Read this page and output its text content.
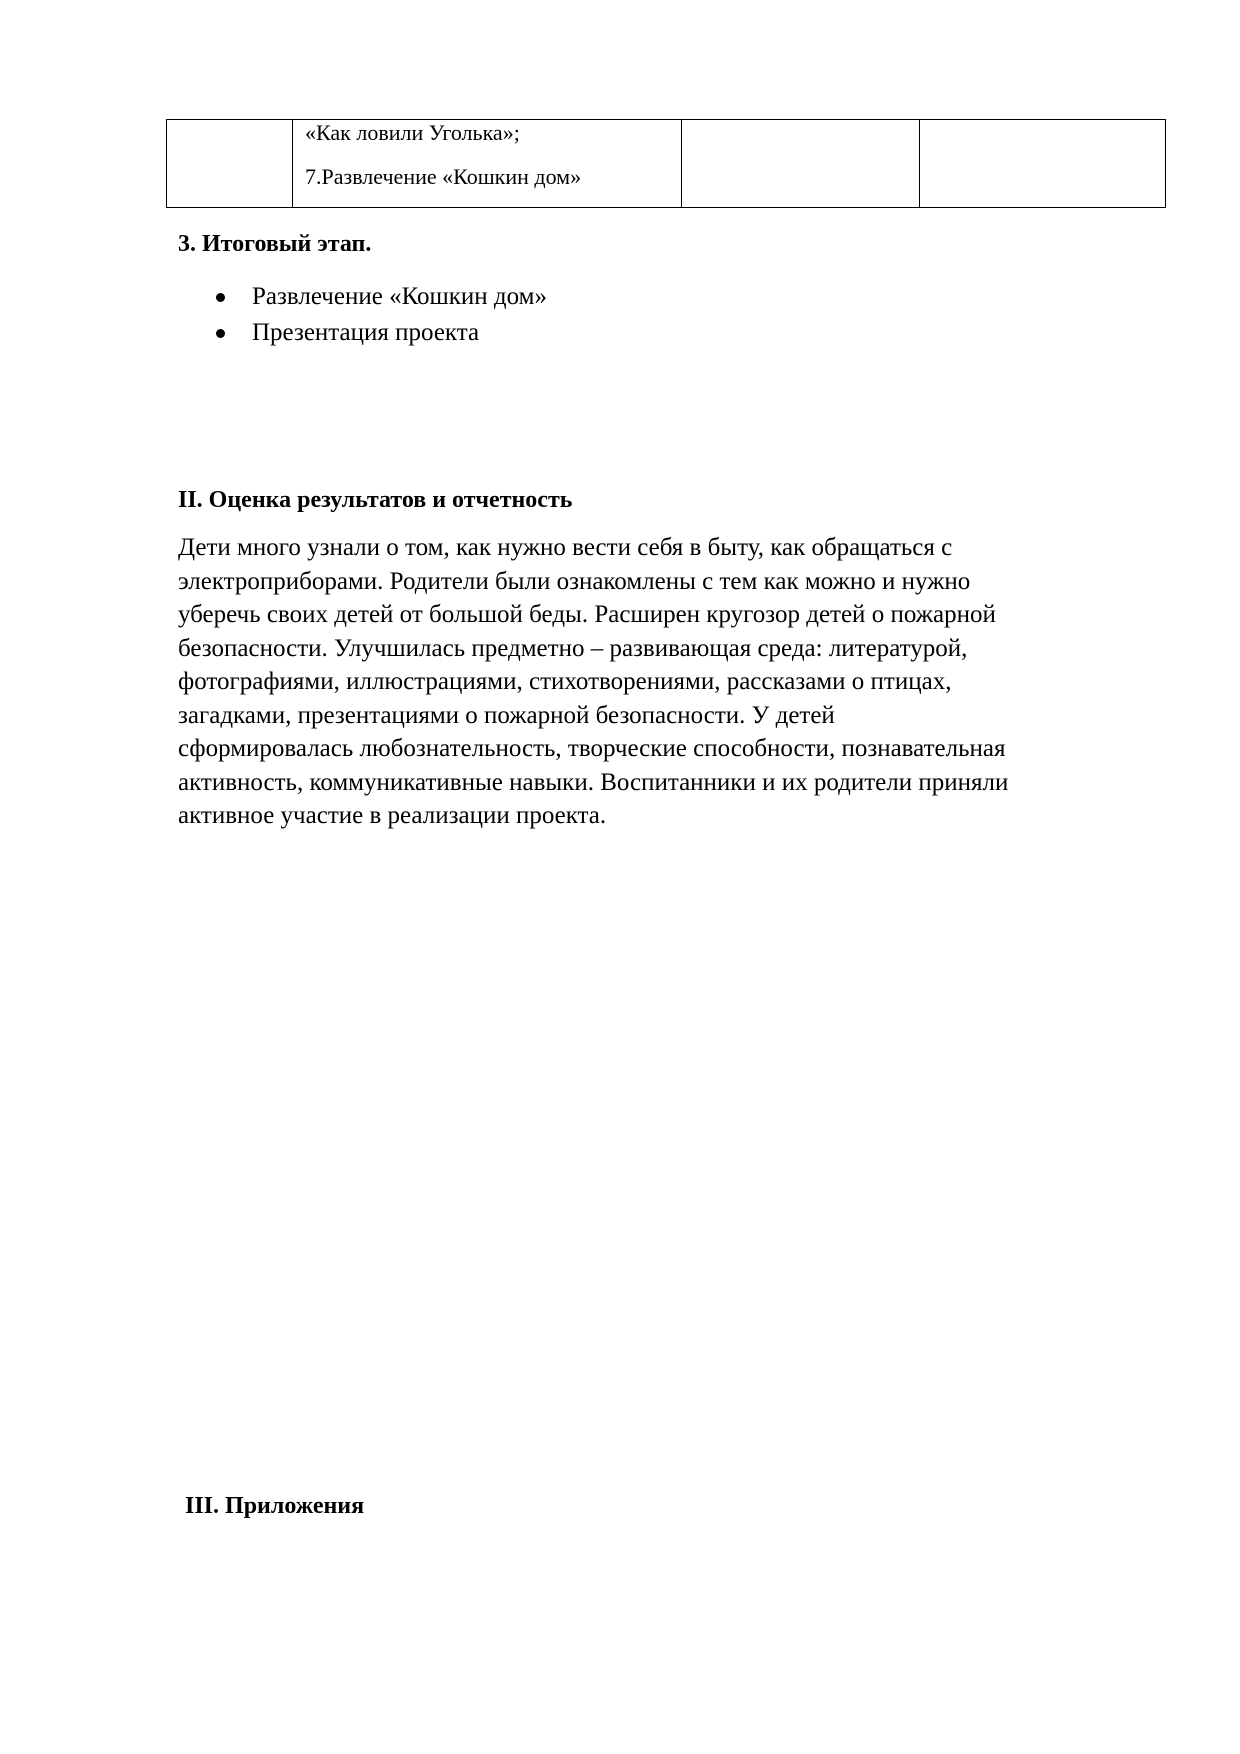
«Как ловили Уголька»;
7.Развлечение «Кошкин дом»

3. Итоговый этап.
Развлечение «Кошкин дом»
Презентация проекта
II. Оценка результатов и отчетность

Дети много узнали о том, как нужно вести себя в быту, как обращаться с
электроприборами. Родители были ознакомлены с тем как можно и нужно
уберечь своих детей от большой беды. Расширен кругозор детей о пожарной
безопасности. Улучшилась предметно – развивающая среда: литературой,
фотографиями, иллюстрациями, стихотворениями, рассказами о птицах,
загадками, презентациями о пожарной безопасности. У детей
сформировалась любознательность, творческие способности, познавательная
активность, коммуникативные навыки. Воспитанники и их родители приняли
активное участие в реализации проекта.

III. Приложения
